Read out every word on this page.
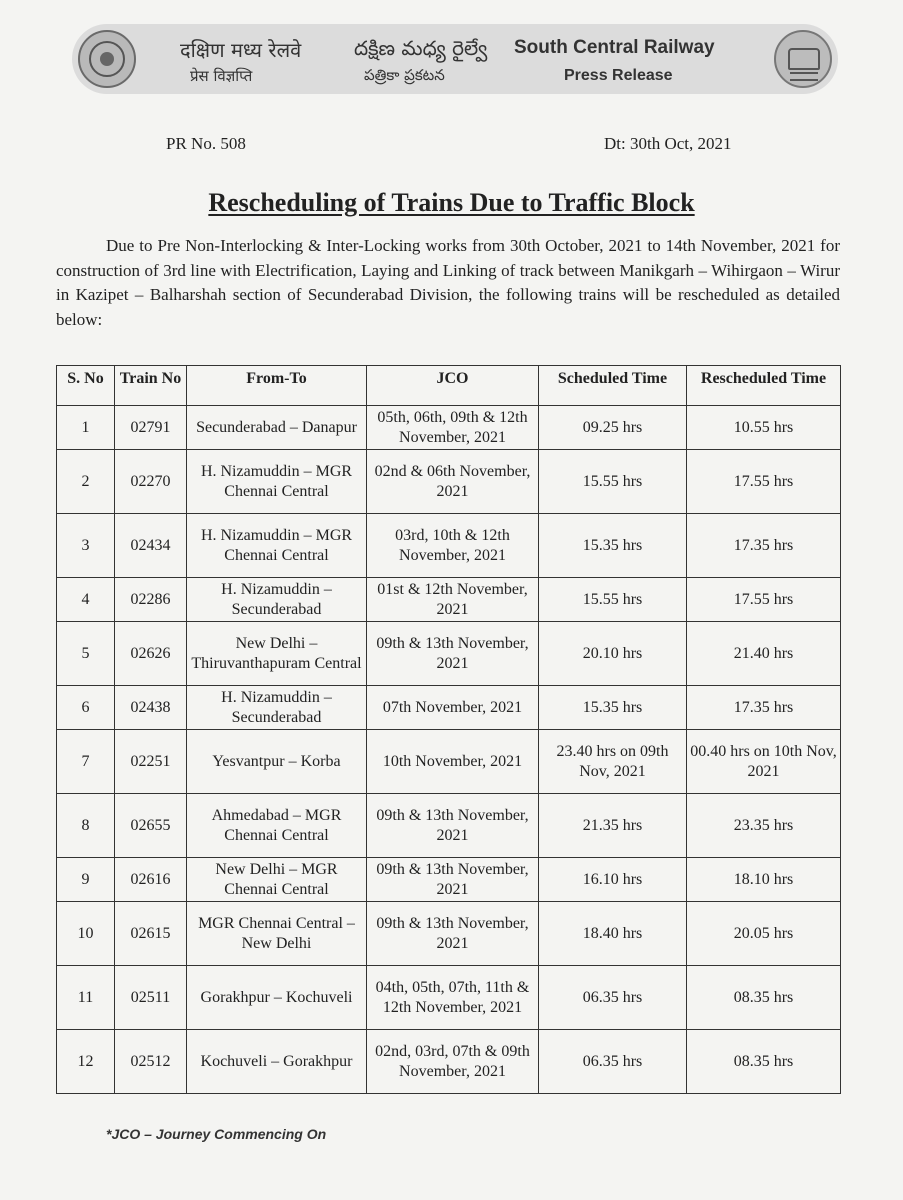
दक्षिण मध्य रेलवे
प्रेस विज्ञप्ति
దక్షిణ మధ్య రైల్వే
పత్రికా ప్రకటన
South Central Railway
Press Release
PR No. 508	Dt: 30th Oct, 2021
Rescheduling of Trains Due to Traffic Block
Due to Pre Non-Interlocking & Inter-Locking works from 30th October, 2021 to 14th November, 2021 for construction of 3rd line with Electrification, Laying and Linking of track between Manikgarh – Wihirgaon – Wirur in Kazipet – Balharshah section of Secunderabad Division, the following trains will be rescheduled as detailed below:
S. No	Train No	From-To	JCO	Scheduled Time	Rescheduled Time
1	02791	Secunderabad – Danapur	05th, 06th, 09th & 12th November, 2021	09.25 hrs	10.55 hrs
2	02270	H. Nizamuddin – MGR Chennai Central	02nd & 06th November, 2021	15.55 hrs	17.55 hrs
3	02434	H. Nizamuddin – MGR Chennai Central	03rd, 10th & 12th November, 2021	15.35 hrs	17.35 hrs
4	02286	H. Nizamuddin – Secunderabad	01st & 12th November, 2021	15.55 hrs	17.55 hrs
5	02626	New Delhi – Thiruvanthapuram Central	09th & 13th November, 2021	20.10 hrs	21.40 hrs
6	02438	H. Nizamuddin – Secunderabad	07th November, 2021	15.35 hrs	17.35 hrs
7	02251	Yesvantpur – Korba	10th November, 2021	23.40 hrs on 09th Nov, 2021	00.40 hrs on 10th Nov, 2021
8	02655	Ahmedabad – MGR Chennai Central	09th & 13th November, 2021	21.35 hrs	23.35 hrs
9	02616	New Delhi – MGR Chennai Central	09th & 13th November, 2021	16.10 hrs	18.10 hrs
10	02615	MGR Chennai Central – New Delhi	09th & 13th November, 2021	18.40 hrs	20.05 hrs
11	02511	Gorakhpur – Kochuveli	04th, 05th, 07th, 11th & 12th November, 2021	06.35 hrs	08.35 hrs
12	02512	Kochuveli – Gorakhpur	02nd, 03rd, 07th & 09th November, 2021	06.35 hrs	08.35 hrs
*JCO – Journey Commencing On
